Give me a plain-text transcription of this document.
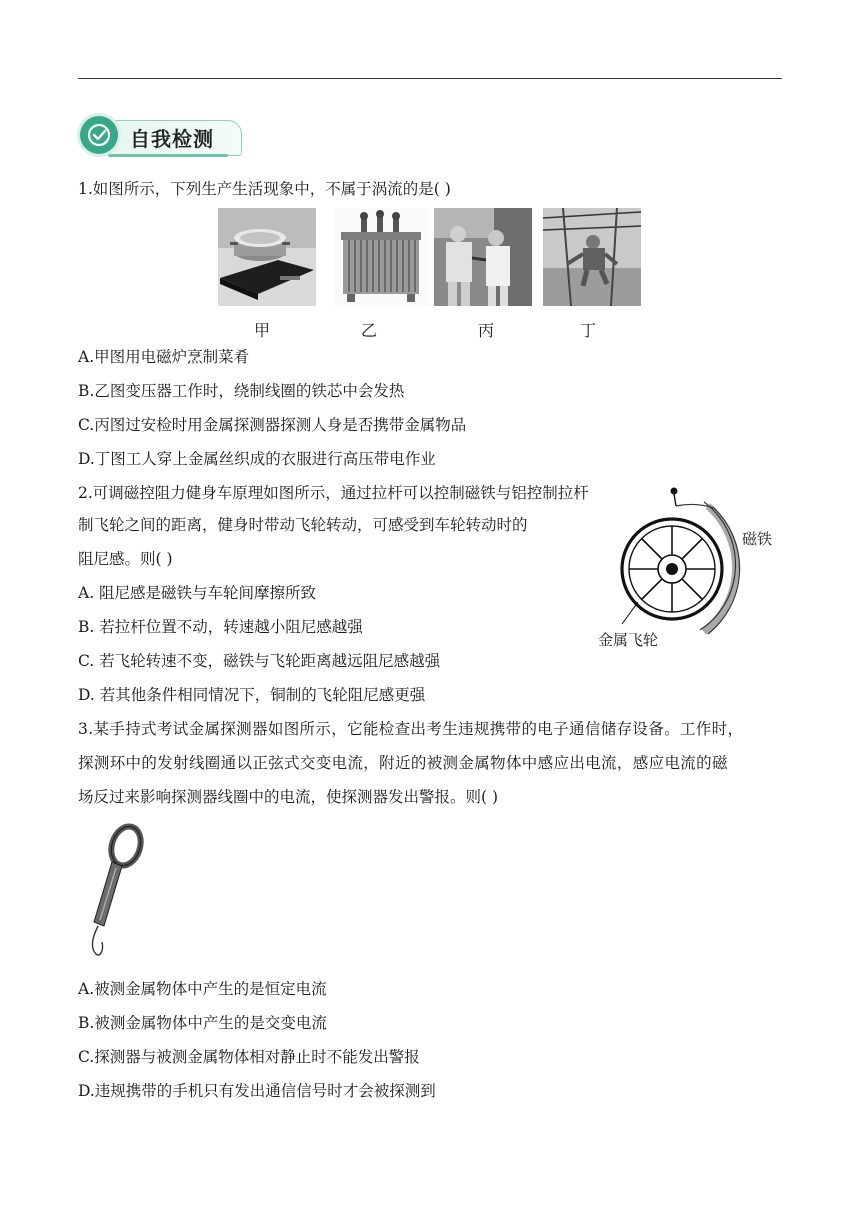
自我检测
1.如图所示，下列生产生活现象中，不属于涡流的是( )
甲	乙	丙	丁
A.甲图用电磁炉烹制菜肴
B.乙图变压器工作时，绕制线圈的铁芯中会发热
C.丙图过安检时用金属探测器探测人身是否携带金属物品
D.丁图工人穿上金属丝织成的衣服进行高压带电作业
2.可调磁控阻力健身车原理如图所示，通过拉杆可以控制磁铁与铝控制拉杆
制飞轮之间的距离，健身时带动飞轮转动，可感受到车轮转动时的
阻尼感。则( )
磁铁
金属飞轮
A. 阻尼感是磁铁与车轮间摩擦所致
B. 若拉杆位置不动，转速越小阻尼感越强
C. 若飞轮转速不变，磁铁与飞轮距离越远阻尼感越强
D. 若其他条件相同情况下，铜制的飞轮阻尼感更强
3.某手持式考试金属探测器如图所示，它能检查出考生违规携带的电子通信储存设备。工作时，
探测环中的发射线圈通以正弦式交变电流，附近的被测金属物体中感应出电流，感应电流的磁
场反过来影响探测器线圈中的电流，使探测器发出警报。则( )
A.被测金属物体中产生的是恒定电流
B.被测金属物体中产生的是交变电流
C.探测器与被测金属物体相对静止时不能发出警报
D.违规携带的手机只有发出通信信号时才会被探测到
